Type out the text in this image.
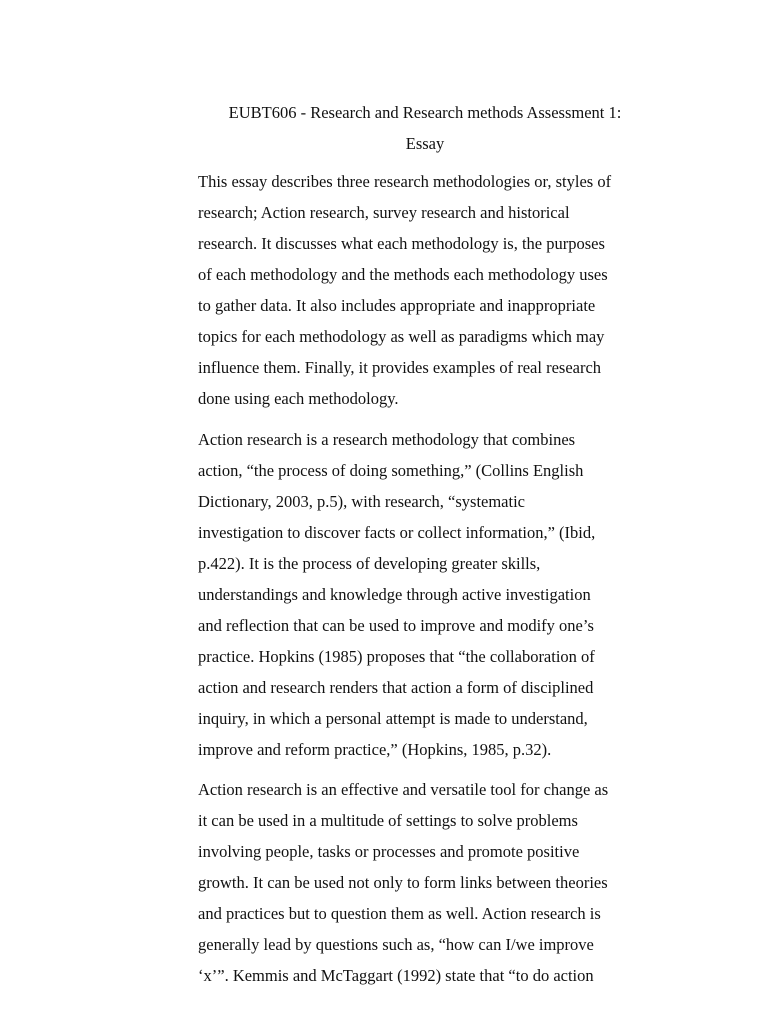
EUBT606 - Research and Research methods Assessment 1:
Essay

This essay describes three research methodologies or, styles of
research; Action research, survey research and historical
research. It discusses what each methodology is, the purposes
of each methodology and the methods each methodology uses
to gather data. It also includes appropriate and inappropriate
topics for each methodology as well as paradigms which may
influence them. Finally, it provides examples of real research
done using each methodology.

Action research is a research methodology that combines
action, “the process of doing something,” (Collins English
Dictionary, 2003, p.5), with research, “systematic
investigation to discover facts or collect information,” (Ibid,
p.422). It is the process of developing greater skills,
understandings and knowledge through active investigation
and reflection that can be used to improve and modify one’s
practice. Hopkins (1985) proposes that “the collaboration of
action and research renders that action a form of disciplined
inquiry, in which a personal attempt is made to understand,
improve and reform practice,” (Hopkins, 1985, p.32).

Action research is an effective and versatile tool for change as
it can be used in a multitude of settings to solve problems
involving people, tasks or processes and promote positive
growth. It can be used not only to form links between theories
and practices but to question them as well. Action research is
generally lead by questions such as, “how can I/we improve
‘x’”. Kemmis and McTaggart (1992) state that “to do action
